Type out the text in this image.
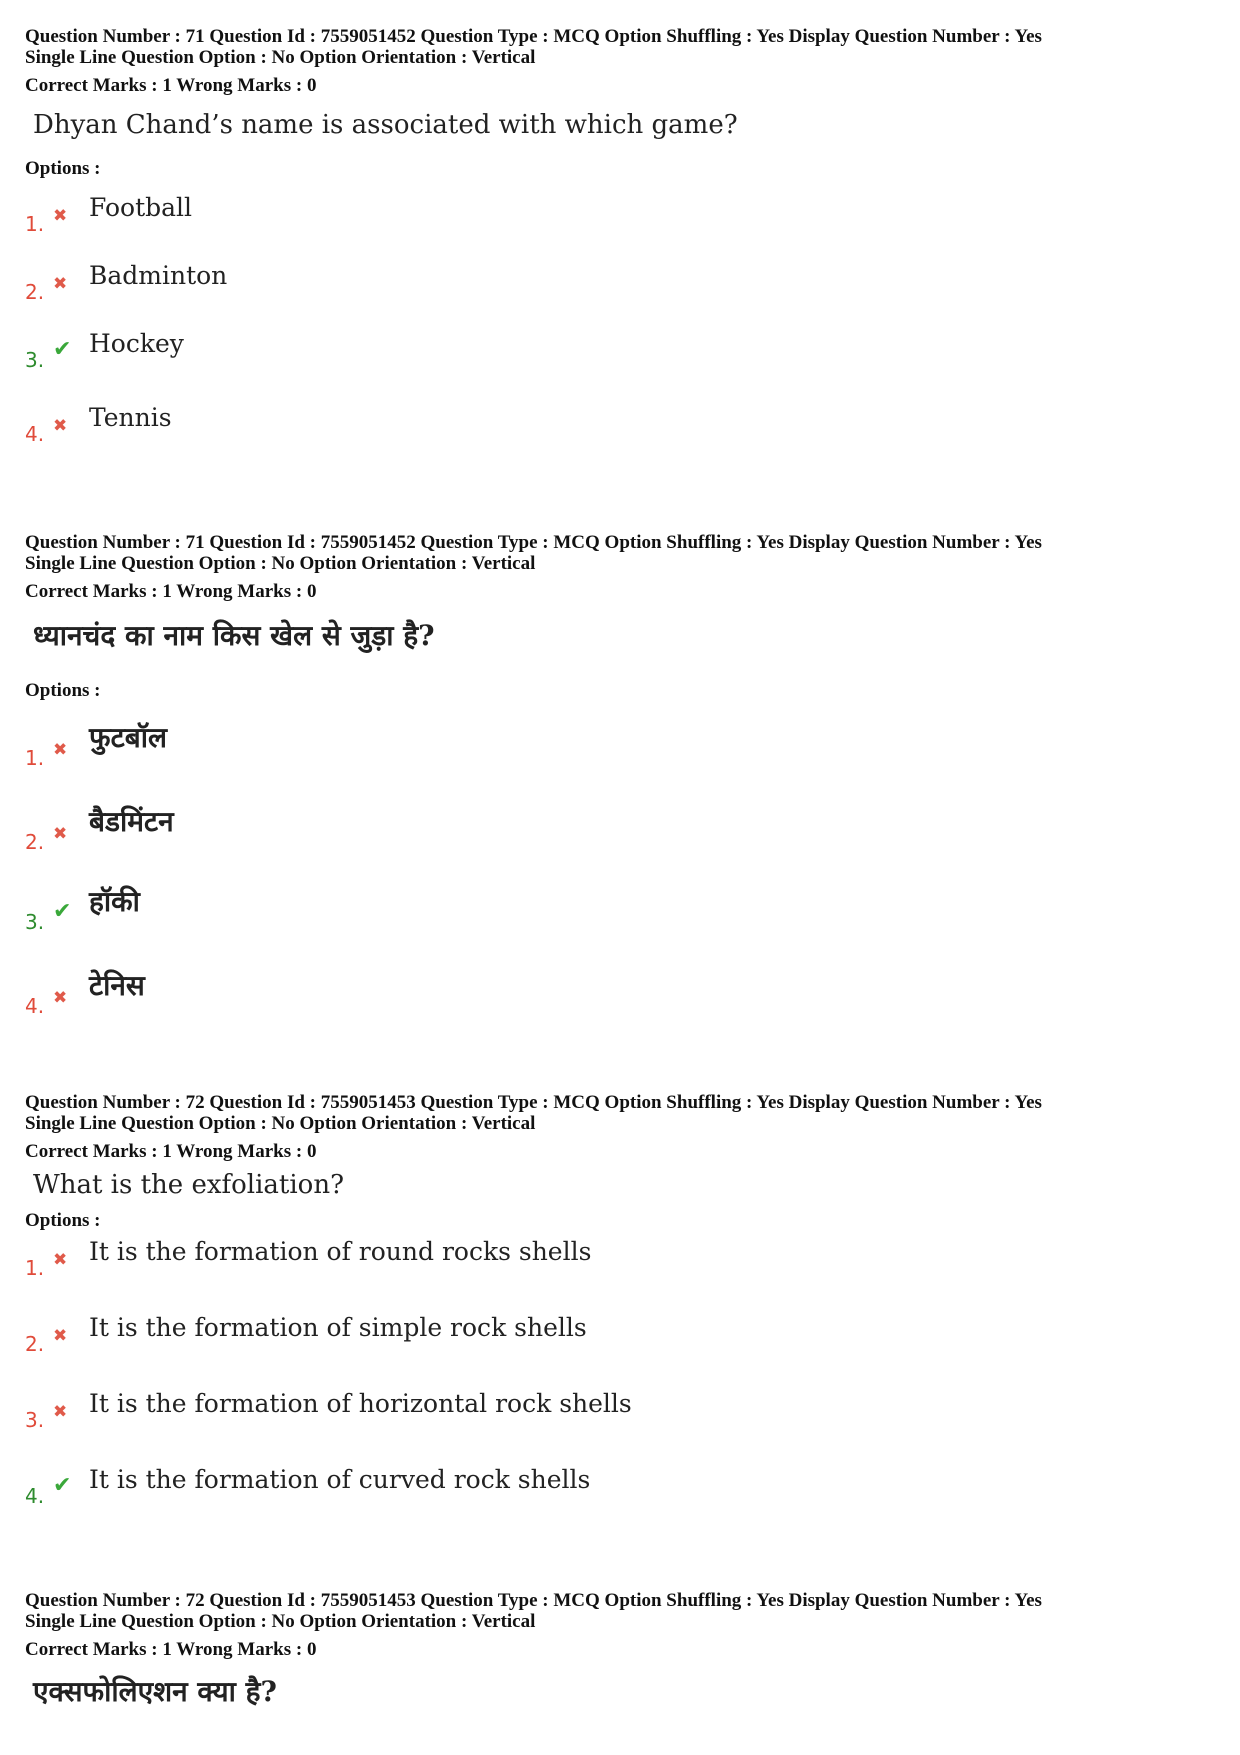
Question Number : 71 Question Id : 7559051452 Question Type : MCQ Option Shuffling : Yes Display Question Number : Yes

Single Line Question Option : No Option Orientation : Vertical

Correct Marks : 1 Wrong Marks : 0

Dhyan Chand’s name is associated with which game?
Options :
1. ✖ Football
2. ✖ Badminton
3. ✔ Hockey
4. ✖ Tennis

Question Number : 71 Question Id : 7559051452 Question Type : MCQ Option Shuffling : Yes Display Question Number : Yes

Single Line Question Option : No Option Orientation : Vertical

Correct Marks : 1 Wrong Marks : 0

ध्यानचंद का नाम किस खेल से जुड़ा है?
Options :
1. ✖ फुटबॉल
2. ✖ बैडमिंटन
3. ✔ हॉकी
4. ✖ टेनिस

Question Number : 72 Question Id : 7559051453 Question Type : MCQ Option Shuffling : Yes Display Question Number : Yes

Single Line Question Option : No Option Orientation : Vertical

Correct Marks : 1 Wrong Marks : 0

What is the exfoliation?
Options :
1. ✖ It is the formation of round rocks shells
2. ✖ It is the formation of simple rock shells
3. ✖ It is the formation of horizontal rock shells
4. ✔ It is the formation of curved rock shells

Question Number : 72 Question Id : 7559051453 Question Type : MCQ Option Shuffling : Yes Display Question Number : Yes

Single Line Question Option : No Option Orientation : Vertical

Correct Marks : 1 Wrong Marks : 0

एक्सफोलिएशन क्या है?
